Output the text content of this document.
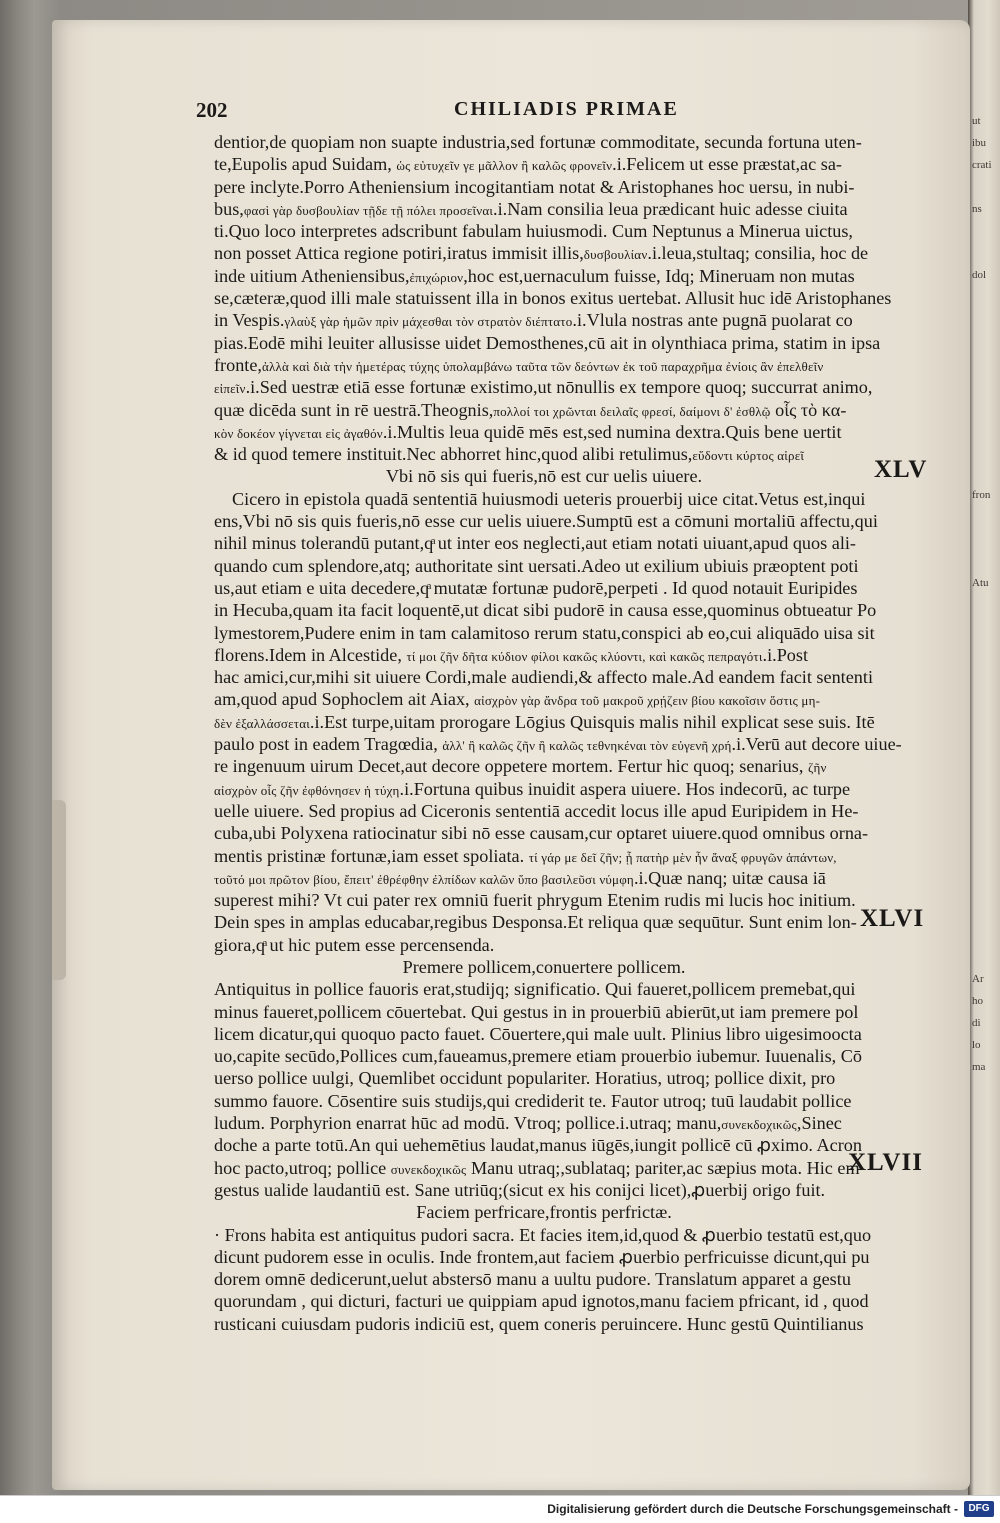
ut
ibu
crati

ns

dol

fron

Atu

Ar
ho
di
lo
ma
202	CHILIADIS PRIMAE
dentior,de quopiam non suapte industria,sed fortunæ commoditate, secunda fortuna uten-
te,Eupolis apud Suidam, ὡς εὐτυχεῖν γε μᾶλλον ἢ καλῶς φρονεῖν.i.Felicem ut esse præstat,ac sa-
pere inclyte.Porro Atheniensium incogitantiam notat & Aristophanes hoc uersu, in nubi-
bus,φασὶ γὰρ δυσβουλίαν τῇδε τῇ πόλει προσεῖναι.i.Nam consilia leua prædicant huic adesse ciuita
ti.Quo loco interpretes adscribunt fabulam huiusmodi. Cum Neptunus a Minerua uictus,
non posset Attica regione potiri,iratus immisit illis,δυσβουλίαν.i.leua,stultaq; consilia, hoc de
inde uitium Atheniensibus,ἐπιχώριον,hoc est,uernaculum fuisse, Idq; Mineruam non mutas
se,cæteræ,quod illi male statuissent illa in bonos exitus uertebat. Allusit huc idē Aristophanes
in Vespis.γλαὺξ γὰρ ἡμῶν πρὶν μάχεσθαι τὸν στρατὸν διέπτατο.i.Vlula nostras ante pugnā puolarat co
pias.Eodē mihi leuiter allusisse uidet Demosthenes,cū ait in olynthiaca prima, statim in ipsa
fronte,ἀλλὰ καὶ διὰ τὴν ἡμετέρας τύχης ὑπολαμβάνω ταῦτα τῶν δεόντων ἐκ τοῦ παραχρῆμα ἐνίοις ἂν ἐπελθεῖν
εἰπεῖν.i.Sed uestræ etiā esse fortunæ existimo,ut nōnullis ex tempore quoq; succurrat animo,
quæ dicēda sunt in rē uestrā.Theognis,πολλοί τοι χρῶνται δειλαῖς φρεσί, δαίμονι δ' ἐσθλῷ οἷς τὸ κα-
κὸν δοκέον γίγνεται εἰς ἀγαθόν.i.Multis leua quidē mēs est,sed numina dextra.Quis bene uertit
& id quod temere instituit.Nec abhorret hinc,quod alibi retulimus,εὕδοντι κύρτος αἱρεῖ
Vbi nō sis qui fueris,nō est cur uelis uiuere.
Cicero in epistola quadā sententiā huiusmodi ueteris prouerbij uice citat.Vetus est,inqui
ens,Vbi nō sis quis fueris,nō esse cur uelis uiuere.Sumptū est a cōmuni mortaliū affectu,qui
nihil minus tolerandū putant,qͣ ut inter eos neglecti,aut etiam notati uiuant,apud quos ali-
quando cum splendore,atq; authoritate sint uersati.Adeo ut exilium ubiuis præoptent poti
us,aut etiam e uita decedere,qͣ mutatæ fortunæ pudorē,perpeti . Id quod notauit Euripides
in Hecuba,quam ita facit loquentē,ut dicat sibi pudorē in causa esse,quominus obtueatur Po
lymestorem,Pudere enim in tam calamitoso rerum statu,conspici ab eo,cui aliquādo uisa sit
florens.Idem in Alcestide, τί μοι ζῆν δῆτα κύδιον φίλοι κακῶς κλύοντι, καὶ κακῶς πεπραγότι.i.Post
hac amici,cur,mihi sit uiuere Cordi,male audiendi,& affecto male.Ad eandem facit sententi
am,quod apud Sophoclem ait Aiax, αἰσχρὸν γὰρ ἄνδρα τοῦ μακροῦ χρῄζειν βίου κακοῖσιν ὅστις μη-
δὲν ἐξαλλάσσεται.i.Est turpe,uitam prorogare Lōgius Quisquis malis nihil explicat sese suis. Itē
paulo post in eadem Tragœdia, ἀλλ' ἢ καλῶς ζῆν ἢ καλῶς τεθνηκέναι τὸν εὐγενῆ χρή.i.Verū aut decore uiue-
re ingenuum uirum Decet,aut decore oppetere mortem. Fertur hic quoq; senarius, ζῆν
αἰσχρὸν οἷς ζῆν ἐφθόνησεν ἡ τύχη.i.Fortuna quibus inuidit aspera uiuere. Hos indecorū, ac turpe
uelle uiuere. Sed propius ad Ciceronis sententiā accedit locus ille apud Euripidem in He-
cuba,ubi Polyxena ratiocinatur sibi nō esse causam,cur optaret uiuere.quod omnibus orna-
mentis pristinæ fortunæ,iam esset spoliata. τί γάρ με δεῖ ζῆν; ᾗ πατὴρ μὲν ἦν ἄναξ φρυγῶν ἁπάντων,
τοῦτό μοι πρῶτον βίου, ἔπειτ' ἐθρέφθην ἐλπίδων καλῶν ὕπο βασιλεῦσι νύμφη.i.Quæ nanq; uitæ causa iā
superest mihi? Vt cui pater rex omniū fuerit phrygum Etenim rudis mi lucis hoc initium.
Dein spes in amplas educabar,regibus Desponsa.Et reliqua quæ sequūtur. Sunt enim lon-
giora,qͣ ut hic putem esse percensenda.
Premere pollicem,conuertere pollicem.
Antiquitus in pollice fauoris erat,studijq; significatio. Qui faueret,pollicem premebat,qui
minus faueret,pollicem cōuertebat. Qui gestus in in prouerbiū abierūt,ut iam premere pol
licem dicatur,qui quoquo pacto fauet. Cōuertere,qui male uult. Plinius libro uigesimoocta
uo,capite secūdo,Pollices cum,faueamus,premere etiam prouerbio iubemur. Iuuenalis, Cō
uerso pollice uulgi, Quemlibet occidunt populariter. Horatius, utroq; pollice dixit, pro
summo fauore. Cōsentire suis studijs,qui crediderit te. Fautor utroq; tuū laudabit pollice
ludum. Porphyrion enarrat hūc ad modū. Vtroq; pollice.i.utraq; manu,συνεκδοχικῶς,Sinec
doche a parte totū.An qui uehemētius laudat,manus iūgēs,iungit pollicē cū ꝓximo. Acron
hoc pacto,utroq; pollice συνεκδοχικῶς Manu utraq;,sublataq; pariter,ac sæpius mota. Hic em
gestus ualide laudantiū est. Sane utriūq;(sicut ex his conijci licet),ꝓuerbij origo fuit.
Faciem perfricare,frontis perfrictæ.
· Frons habita est antiquitus pudori sacra. Et facies item,id,quod & ꝓuerbio testatū est,quo
dicunt pudorem esse in oculis. Inde frontem,aut faciem ꝓuerbio perfricuisse dicunt,qui pu
dorem omnē dedicerunt,uelut abstersō manu a uultu pudore. Translatum apparet a gestu
quorundam , qui dicturi, facturi ue quippiam apud ignotos,manu faciem pfricant, id , quod
rusticani cuiusdam pudoris indiciū est, quem coneris peruincere. Hunc gestū Quintilianus
XLV
XLVI
XLVII
Digitalisierung gefördert durch die Deutsche Forschungsgemeinschaft -	DFG
